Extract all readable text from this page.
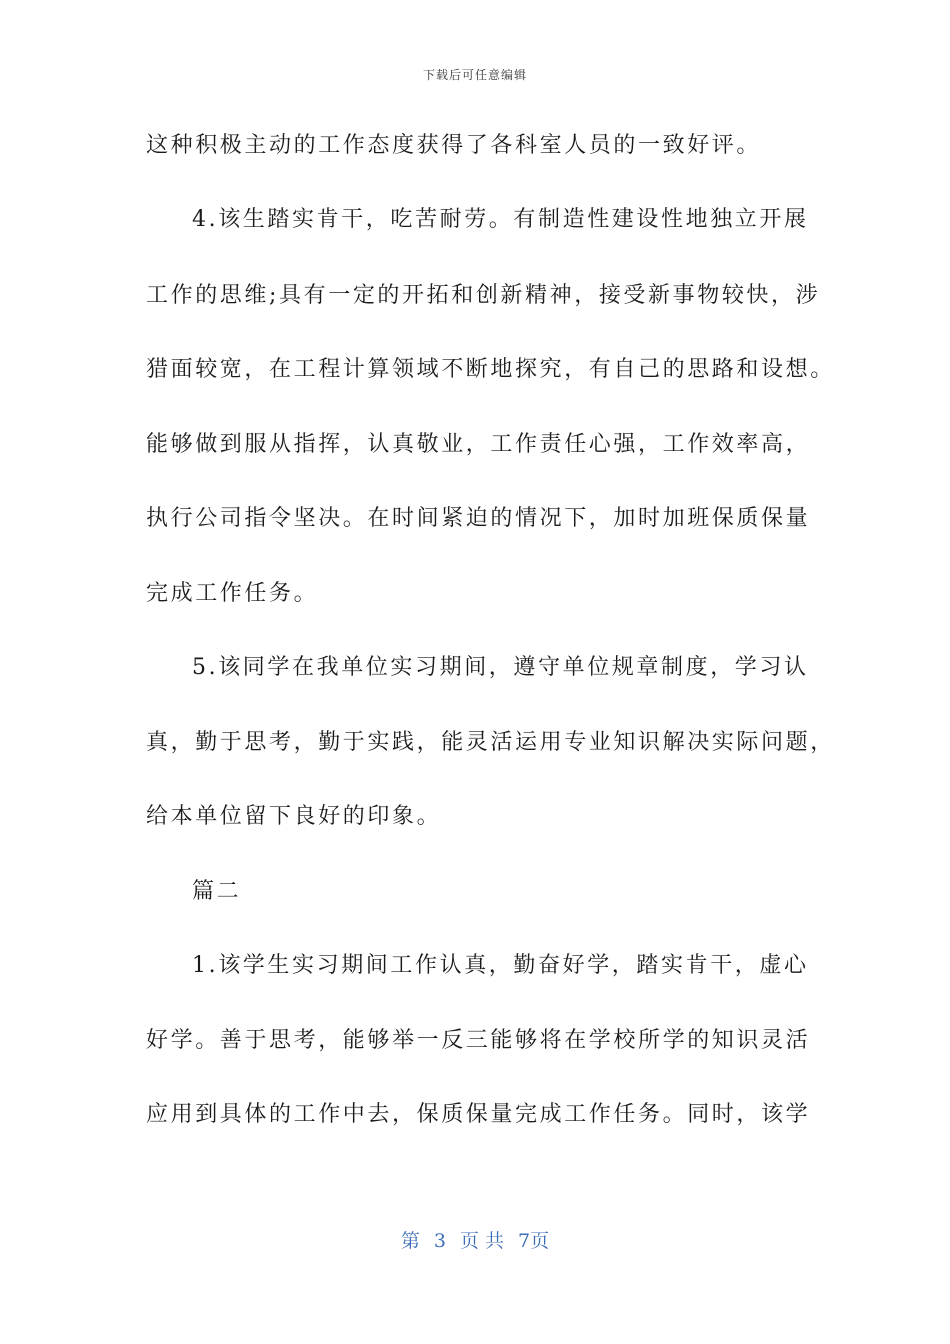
下载后可任意编辑
这种积极主动的工作态度获得了各科室人员的一致好评。
4.该生踏实肯干，吃苦耐劳。有制造性建设性地独立开展
工作的思维;具有一定的开拓和创新精神，接受新事物较快，涉
猎面较宽，在工程计算领域不断地探究，有自己的思路和设想。
能够做到服从指挥，认真敬业，工作责任心强，工作效率高，
执行公司指令坚决。在时间紧迫的情况下，加时加班保质保量
完成工作任务。
5.该同学在我单位实习期间，遵守单位规章制度，学习认
真，勤于思考，勤于实践，能灵活运用专业知识解决实际问题，
给本单位留下良好的印象。
篇二
1.该学生实习期间工作认真，勤奋好学，踏实肯干，虚心
好学。善于思考，能够举一反三能够将在学校所学的知识灵活
应用到具体的工作中去，保质保量完成工作任务。同时，该学
第 3 页 共 7页
